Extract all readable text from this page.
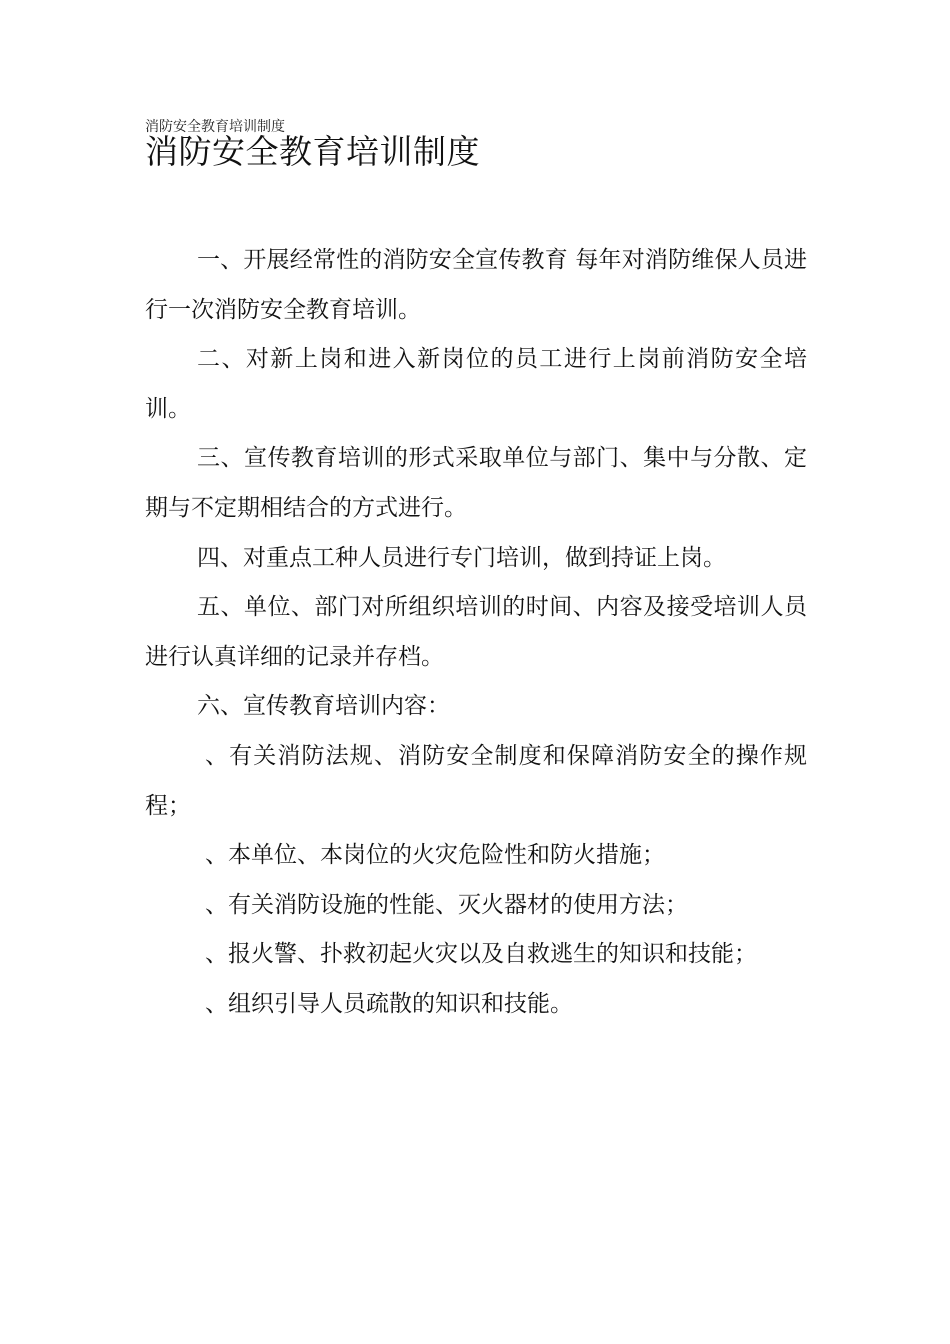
消防安全教育培训制度
消防安全教育培训制度

一、开展经常性的消防安全宣传教育 每年对消防维保人员进行一次消防安全教育培训。

二、对新上岗和进入新岗位的员工进行上岗前消防安全培训。

三、宣传教育培训的形式采取单位与部门、集中与分散、定期与不定期相结合的方式进行。

四、对重点工种人员进行专门培训，做到持证上岗。

五、单位、部门对所组织培训的时间、内容及接受培训人员进行认真详细的记录并存档。

六、宣传教育培训内容：

、有关消防法规、消防安全制度和保障消防安全的操作规程；

、本单位、本岗位的火灾危险性和防火措施；

、有关消防设施的性能、灭火器材的使用方法；

、报火警、扑救初起火灾以及自救逃生的知识和技能；

、组织引导人员疏散的知识和技能。
